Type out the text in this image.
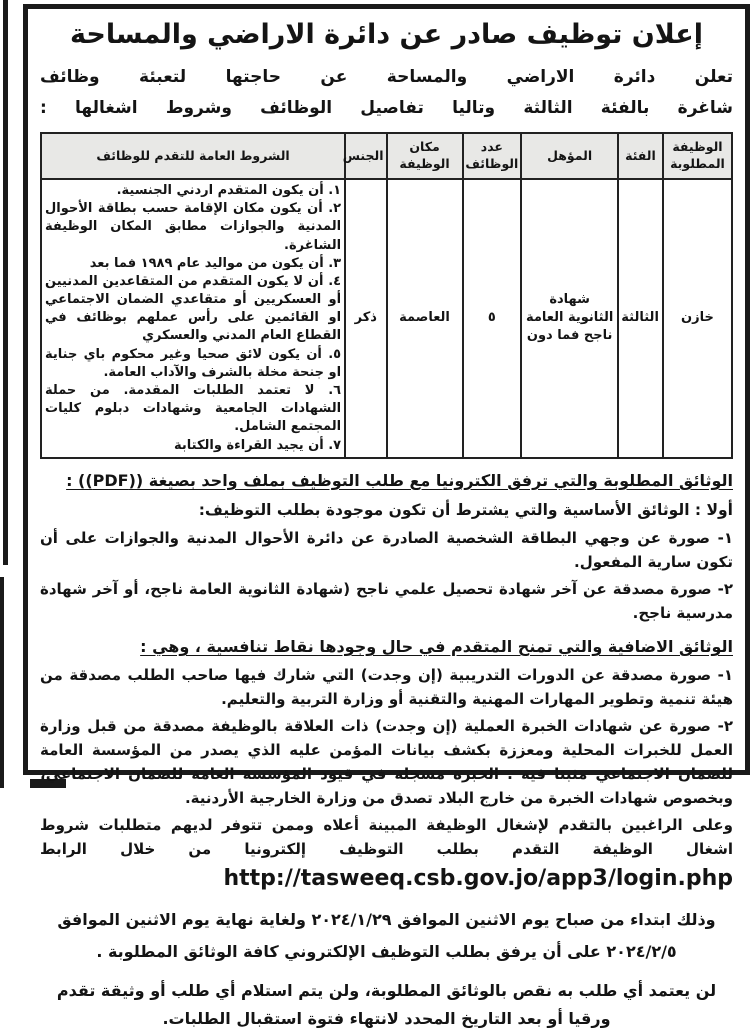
إعلان توظيف صادر عن دائرة الاراضي والمساحة
تعلن دائرة الاراضي والمساحة عن حاجتها لتعبئة وظائف
شاغرة بالفئة الثالثة وتاليا تفاصيل الوظائف وشروط اشغالها :
الوظيفة المطلوبة	الفئة	المؤهل	عدد الوظائف	مكان الوظيفة	الجنس	الشروط العامة للتقدم للوظائف
خازن	الثالثة	شهادة الثانوية العامة ناجح فما دون	٥	العاصمة	ذكر	
١. أن يكون المتقدم اردني الجنسية.
٢. أن يكون مكان الإقامة حسب بطاقة الأحوال المدنية والجوازات مطابق المكان الوظيفة الشاغرة.
٣. أن يكون من مواليد عام ١٩٨٩ فما بعد
٤. أن لا يكون المتقدم من المتقاعدين المدنيين أو العسكريين أو متقاعدي الضمان الاجتماعي او القائمين على رأس عملهم بوظائف في القطاع العام المدني والعسكري
٥. أن يكون لائق صحيا وغير محكوم باي جناية او جنحة مخلة بالشرف والآداب العامة.
٦. لا تعتمد الطلبات المقدمة. من حملة الشهادات الجامعية وشهادات دبلوم كليات المجتمع الشامل.
٧. أن يجيد القراءة والكتابة
الوثائق المطلوبة والتي ترفق الكترونيا مع طلب التوظيف بملف واحد بصيغة ((PDF)) :
أولا : الوثائق الأساسية والتي يشترط أن تكون موجودة بطلب التوظيف:
١- صورة عن وجهي البطاقة الشخصية الصادرة عن دائرة الأحوال المدنية والجوازات على أن تكون سارية المفعول.
٢- صورة مصدقة عن آخر شهادة تحصيل علمي ناجح (شهادة الثانوية العامة ناجح، أو آخر شهادة مدرسية ناجح.
الوثائق الاضافية والتي تمنح المتقدم في حال وجودها نقاط تنافسية ، وهي :
١- صورة مصدقة عن الدورات التدريبية (إن وجدت) التي شارك فيها صاحب الطلب مصدقة من هيئة تنمية وتطوير المهارات المهنية والتقنية أو وزارة التربية والتعليم.
٢- صورة عن شهادات الخبرة العملية (إن وجدت) ذات العلاقة بالوظيفة مصدقة من قبل وزارة العمل للخبرات المحلية ومعززة بكشف بيانات المؤمن عليه الذي يصدر من المؤسسة العامة للضمان الاجتماعي مثبتا فيه . الخبرة مسجلة في قيود المؤسسة العامة للضمان الاجتماعي، وبخصوص شهادات الخبرة من خارج البلاد تصدق من وزارة الخارجية الأردنية.
وعلى الراغبين بالتقدم لإشغال الوظيفة المبينة أعلاه وممن تتوفر لديهم متطلبات شروط اشغال الوظيفة التقدم بطلب التوظيف إلكترونيا من خلال الرابط http://tasweeq.csb.gov.jo/app3/login.php
وذلك ابتداء من صباح يوم الاثنين الموافق ٢٠٢٤/١/٢٩ ولغاية نهاية يوم الاثنين الموافق ٢٠٢٤/٢/٥ على أن يرفق بطلب التوظيف الإلكتروني كافة الوثائق المطلوبة .
لن يعتمد أي طلب به نقص بالوثائق المطلوبة، ولن يتم استلام أي طلب أو وثيقة تقدم ورقيا أو بعد التاريخ المحدد لانتهاء فتوة استقبال الطلبات.
